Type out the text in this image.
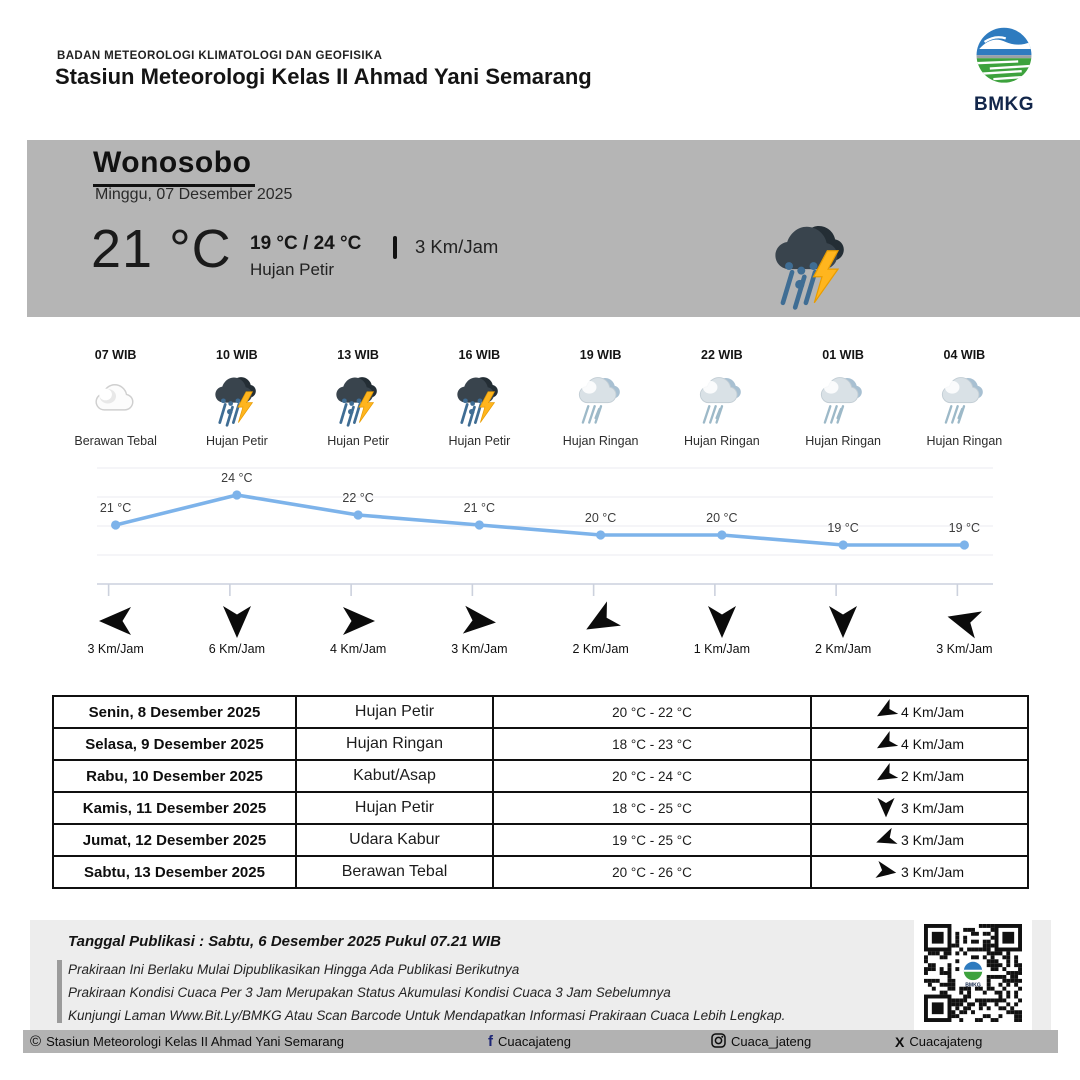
BADAN METEOROLOGI KLIMATOLOGI DAN GEOFISIKA
Stasiun Meteorologi Kelas II Ahmad Yani Semarang
BMKG
Wonosobo
Minggu, 07 Desember 2025
21 °C 19 °C / 24 °C
Hujan Petir
3 Km/Jam
07 WIB
Berawan Tebal
10 WIB
Hujan Petir
13 WIB
Hujan Petir
16 WIB
Hujan Petir
19 WIB
Hujan Ringan
22 WIB
Hujan Ringan
01 WIB
Hujan Ringan
04 WIB
Hujan Ringan
21 °C
24 °C
22 °C
21 °C
20 °C	20 °C
19 °C	19 °C
3 Km/Jam	6 Km/Jam	4 Km/Jam	3 Km/Jam	2 Km/Jam	1 Km/Jam	2 Km/Jam	3 Km/Jam
Senin, 8 Desember 2025	Hujan Petir	20 °C - 22 °C	4 Km/Jam

Selasa, 9 Desember 2025	Hujan Ringan	18 °C - 23 °C	4 Km/Jam

Rabu, 10 Desember 2025	Kabut/Asap	20 °C - 24 °C	2 Km/Jam

Kamis, 11 Desember 2025	Hujan Petir	18 °C - 25 °C	3 Km/Jam

Jumat, 12 Desember 2025	Udara Kabur	19 °C - 25 °C	3 Km/Jam

Sabtu, 13 Desember 2025	Berawan Tebal	20 °C - 26 °C	3 Km/Jam
Tanggal Publikasi : Sabtu, 6 Desember 2025 Pukul 07.21 WIB
Prakiraan Ini Berlaku Mulai Dipublikasikan Hingga Ada Publikasi Berikutnya
Prakiraan Kondisi Cuaca Per 3 Jam Merupakan Status Akumulasi Kondisi Cuaca 3 Jam Sebelumnya
Kunjungi Laman Www.Bit.Ly/BMKG Atau Scan Barcode Untuk Mendapatkan Informasi Prakiraan Cuaca Lebih Lengkap.
BMKG
© Stasiun Meteorologi Kelas II Ahmad Yani Semarang	f Cuacajateng	Cuaca_jateng	X Cuacajateng
